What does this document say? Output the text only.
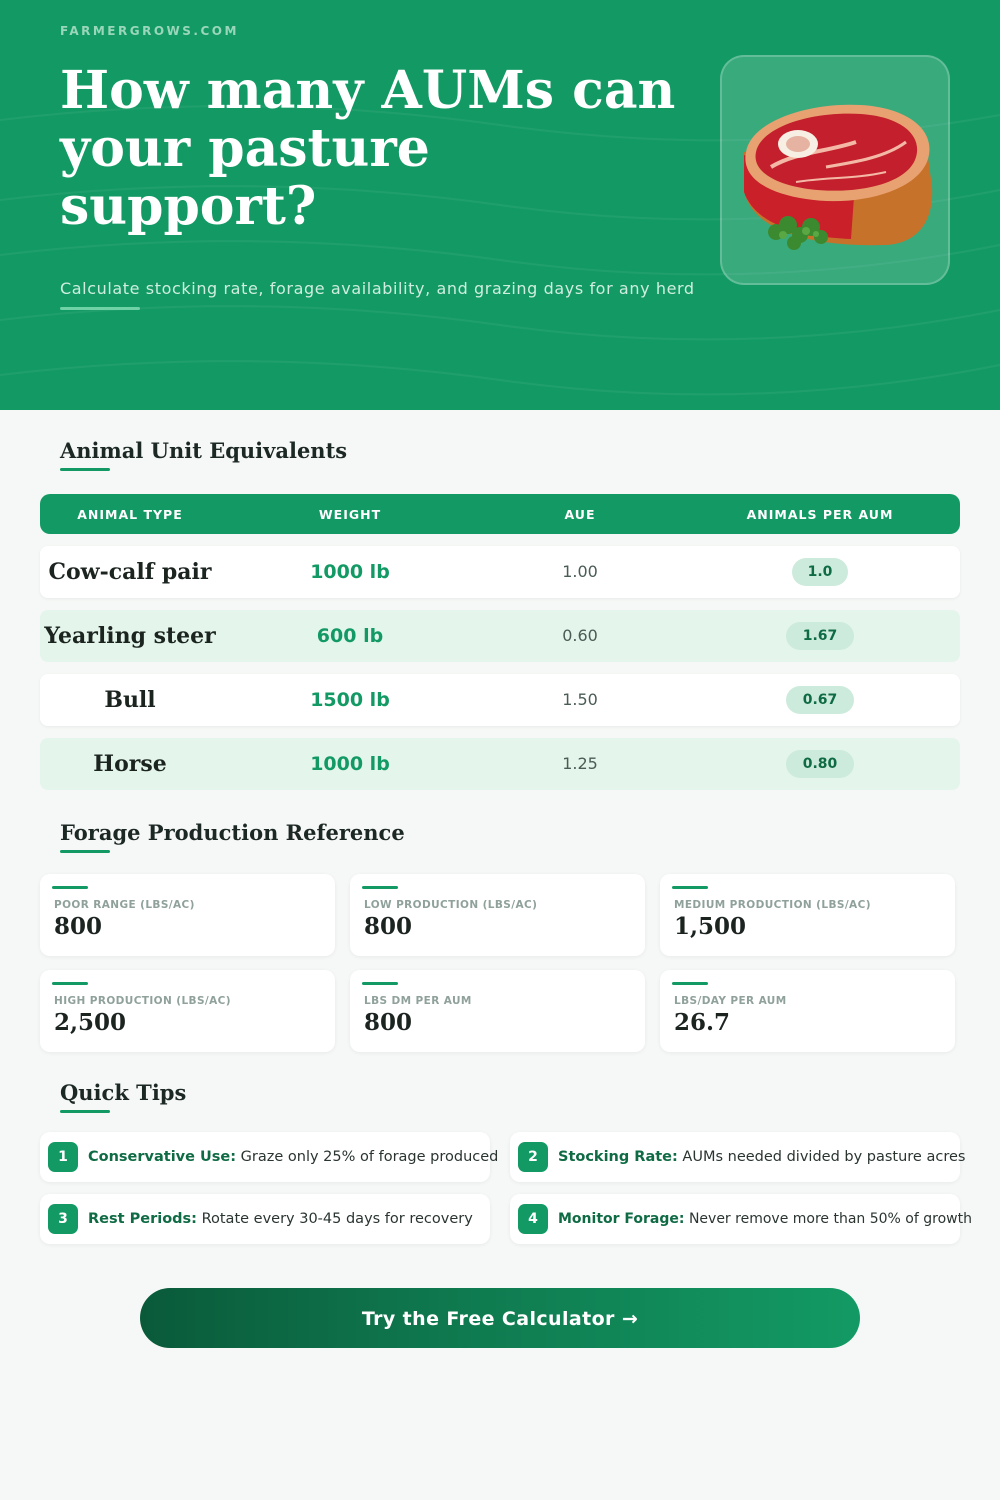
FARMERGROWS.COM
How many AUMs can your pasture support?
Calculate stocking rate, forage availability, and grazing days for any herd
Animal Unit Equivalents
ANIMAL TYPE	WEIGHT	AUE	ANIMALS PER AUM
Cow-calf pair	1000 lb	1.00	1.0
Yearling steer	600 lb	0.60	1.67
Bull	1500 lb	1.50	0.67
Horse	1000 lb	1.25	0.80
Forage Production Reference
POOR RANGE (LBS/AC)
800
LOW PRODUCTION (LBS/AC)
800
MEDIUM PRODUCTION (LBS/AC)
1,500
HIGH PRODUCTION (LBS/AC)
2,500
LBS DM PER AUM
800
LBS/DAY PER AUM
26.7
Quick Tips
1	Conservative Use: Graze only 25% of forage produced	2	Stocking Rate: AUMs needed divided by pasture acres
3	Rest Periods: Rotate every 30-45 days for recovery	4	Monitor Forage: Never remove more than 50% of growth
Try the Free Calculator →
